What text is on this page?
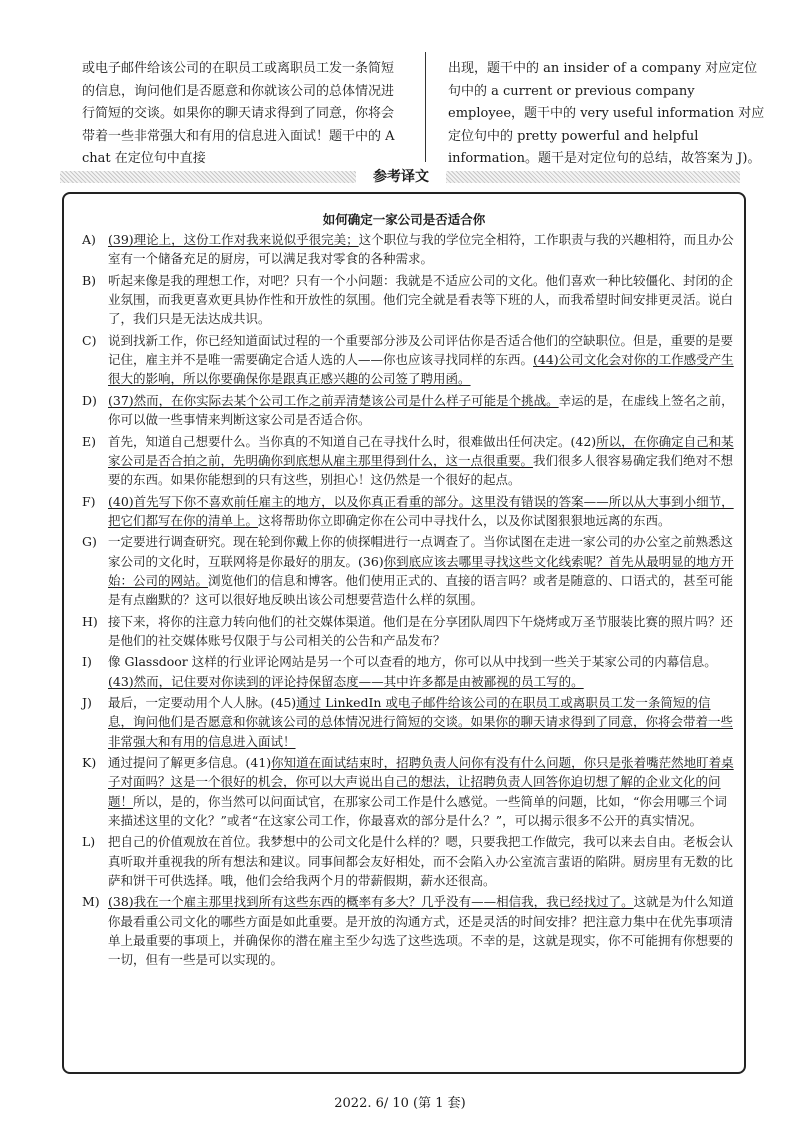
或电子邮件给该公司的在职员工或离职员工发一条简短的信息，询问他们是否愿意和你就该公司的总体情况进行简短的交谈。如果你的聊天请求得到了同意，你将会带着一些非常强大和有用的信息进入面试！题干中的 A chat 在定位句中直接
出现，题干中的 an insider of a company 对应定位句中的 a current or previous company employee，题干中的 very useful information 对应定位句中的 pretty powerful and helpful information。题干是对定位句的总结，故答案为 J)。
参考译文
如何确定一家公司是否适合你
A) (39)理论上，这份工作对我来说似乎很完美；这个职位与我的学位完全相符，工作职责与我的兴趣相符，而且办公室有一个储备充足的厨房，可以满足我对零食的各种需求。
B) 听起来像是我的理想工作，对吧？只有一个小问题：我就是不适应公司的文化。他们喜欢一种比较僵化、封闭的企业氛围，而我更喜欢更具协作性和开放性的氛围。他们完全就是看表等下班的人，而我希望时间安排更灵活。说白了，我们只是无法达成共识。
C) 说到找新工作，你已经知道面试过程的一个重要部分涉及公司评估你是否适合他们的空缺职位。但是，重要的是要记住，雇主并不是唯一需要确定合适人选的人——你也应该寻找同样的东西。(44)公司文化会对你的工作感受产生很大的影响，所以你要确保你是跟真正感兴趣的公司签了聘用函。
D) (37)然而，在你实际去某个公司工作之前弄清楚该公司是什么样子可能是个挑战。幸运的是，在虚线上签名之前，你可以做一些事情来判断这家公司是否适合你。
E) 首先，知道自己想要什么。当你真的不知道自己在寻找什么时，很难做出任何决定。(42)所以，在你确定自己和某家公司是否合拍之前，先明确你到底想从雇主那里得到什么，这一点很重要。我们很多人很容易确定我们绝对不想要的东西。如果你能想到的只有这些，别担心！这仍然是一个很好的起点。
F) (40)首先写下你不喜欢前任雇主的地方，以及你真正看重的部分。这里没有错误的答案——所以从大事到小细节，把它们都写在你的清单上。这将帮助你立即确定你在公司中寻找什么，以及你试图狠狠地远离的东西。
G) 一定要进行调查研究。现在轮到你戴上你的侦探帽进行一点调查了。当你试图在走进一家公司的办公室之前熟悉这家公司的文化时，互联网将是你最好的朋友。(36)你到底应该去哪里寻找这些文化线索呢？首先从最明显的地方开始：公司的网站。浏览他们的信息和博客。他们使用正式的、直接的语言吗？或者是随意的、口语式的，甚至可能是有点幽默的？这可以很好地反映出该公司想要营造什么样的氛围。
H) 接下来，将你的注意力转向他们的社交媒体渠道。他们是在分享团队周四下午烧烤或万圣节服装比赛的照片吗？还是他们的社交媒体账号仅限于与公司相关的公告和产品发布？
I) 像 Glassdoor 这样的行业评论网站是另一个可以查看的地方，你可以从中找到一些关于某家公司的内幕信息。(43)然而，记住要对你读到的评论持保留态度——其中许多都是由被鄙视的员工写的。
J) 最后，一定要动用个人人脉。(45)通过 LinkedIn 或电子邮件给该公司的在职员工或离职员工发一条简短的信息，询问他们是否愿意和你就该公司的总体情况进行简短的交谈。如果你的聊天请求得到了同意，你将会带着一些非常强大和有用的信息进入面试！
K) 通过提问了解更多信息。(41)你知道在面试结束时，招聘负责人问你有没有什么问题，你只是张着嘴茫然地盯着桌子对面吗？这是一个很好的机会，你可以大声说出自己的想法，让招聘负责人回答你迫切想了解的企业文化的问题！所以，是的，你当然可以问面试官，在那家公司工作是什么感觉。一些简单的问题，比如，“你会用哪三个词来描述这里的文化？”或者“在这家公司工作，你最喜欢的部分是什么？”，可以揭示很多不公开的真实情况。
L) 把自己的价值观放在首位。我梦想中的公司文化是什么样的？嗯，只要我把工作做完，我可以来去自由。老板会认真听取并重视我的所有想法和建议。同事间都会友好相处，而不会陷入办公室流言蜚语的陷阱。厨房里有无数的比萨和饼干可供选择。哦，他们会给我两个月的带薪假期，薪水还很高。
M) (38)我在一个雇主那里找到所有这些东西的概率有多大？几乎没有——相信我，我已经找过了。这就是为什么知道你最看重公司文化的哪些方面是如此重要。是开放的沟通方式，还是灵活的时间安排？把注意力集中在优先事项清单上最重要的事项上，并确保你的潜在雇主至少勾选了这些选项。不幸的是，这就是现实，你不可能拥有你想要的一切，但有一些是可以实现的。
2022. 6/ 10 (第 1 套)
